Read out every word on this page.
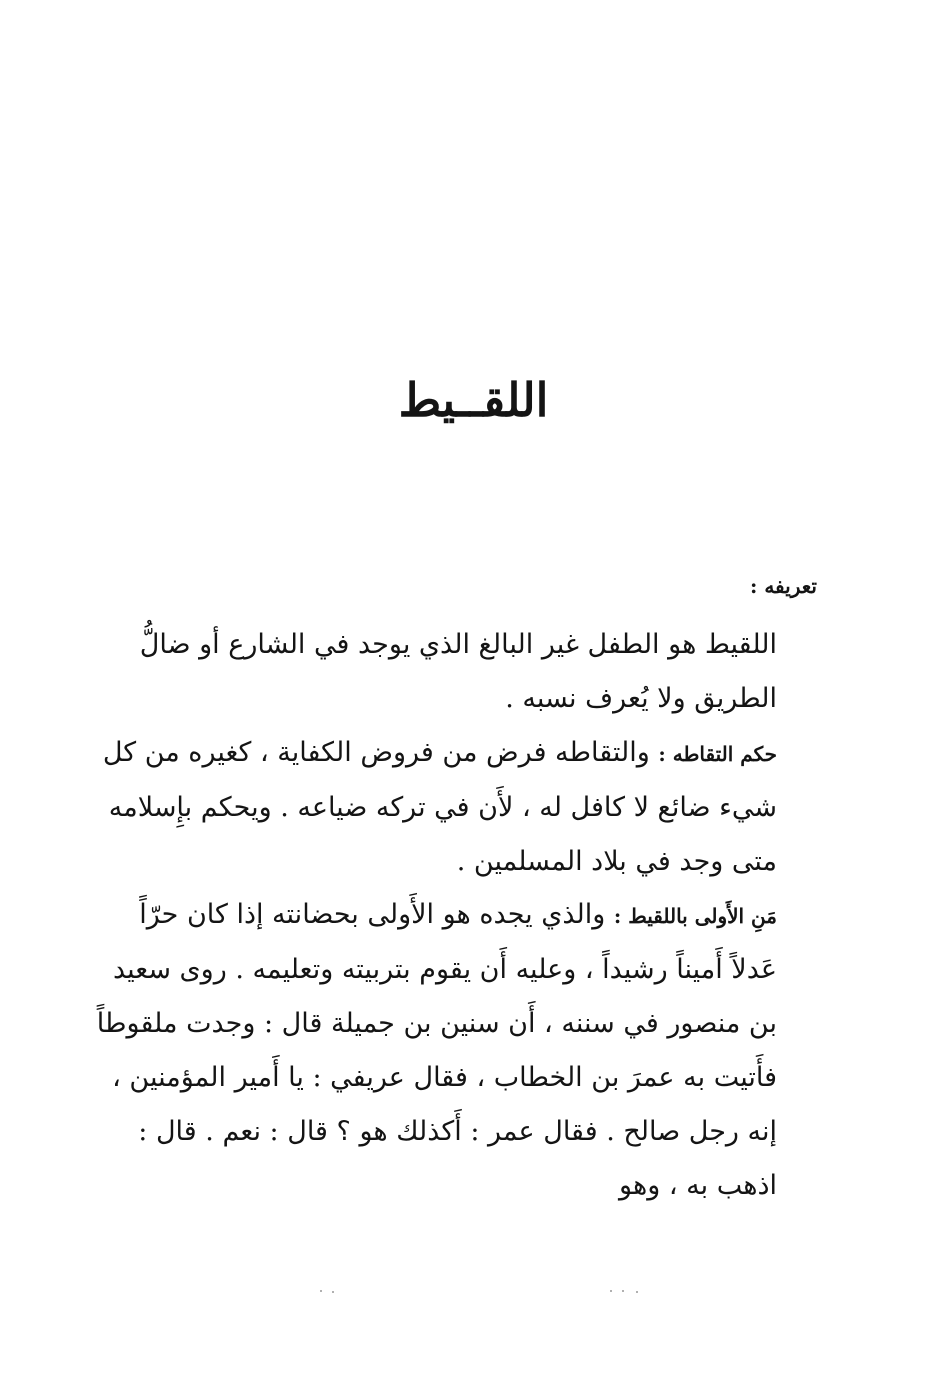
اللقــيط
تعريفه :

اللقيط هو الطفل غير البالغ الذي يوجد في الشارع أو ضالُّ الطريق ولا يُعرف نسبه .

حكم التقاطه : والتقاطه فرض من فروض الكفاية ، كغيره من كل شيء ضائع لا كافل له ، لأَن في تركه ضياعه . ويحكم بإِسلامه متى وجد في بلاد المسلمين .

مَنِ الأَولى باللقيط : والذي يجده هو الأَولى بحضانته إذا كان حرّاً عَدلاً أَميناً رشيداً ، وعليه أَن يقوم بتربيته وتعليمه . روى سعيد بن منصور في سننه ، أَن سنين بن جميلة قال : وجدت ملقوطاً فأَتيت به عمرَ بن الخطاب ، فقال عريفي : يا أَمير المؤمنين ، إنه رجل صالح . فقال عمر : أَكذلك هو ؟ قال : نعم . قال : اذهب به ، وهو
